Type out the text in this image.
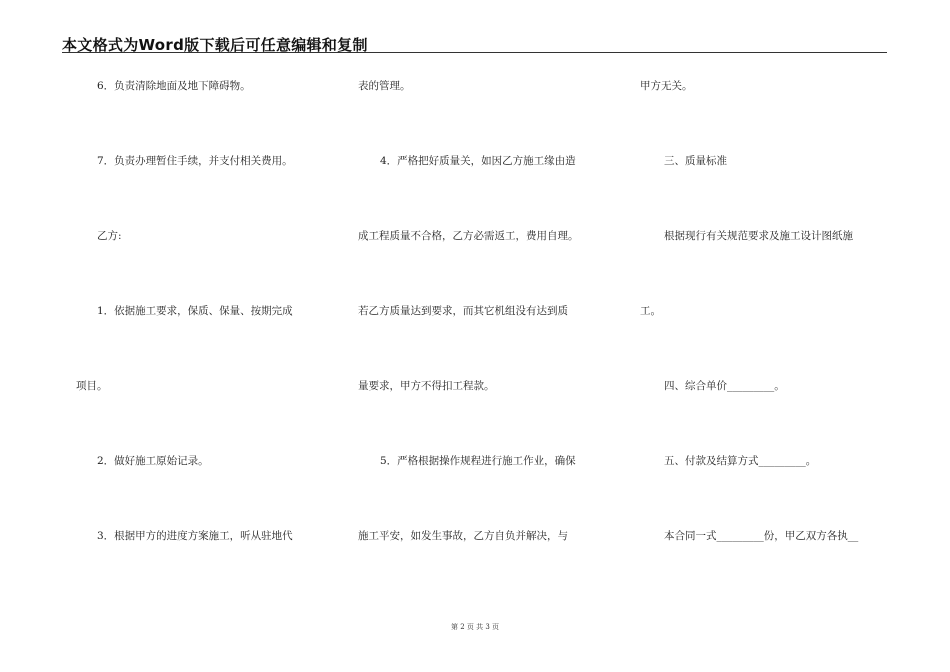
本文格式为Word版下载后可任意编辑和复制
6．负责清除地面及地下障碍物。
7．负责办理暂住手续，并支付相关费用。
乙方:
1．依据施工要求，保质、保量、按期完成
项目。
2．做好施工原始记录。
3．根据甲方的进度方案施工，听从驻地代
表的管理。
4．严格把好质量关，如因乙方施工缘由造
成工程质量不合格，乙方必需返工，费用自理。
若乙方质量达到要求，而其它机组没有达到质
量要求，甲方不得扣工程款。
5．严格根据操作规程进行施工作业，确保
施工平安，如发生事故，乙方自负并解决，与
甲方无关。
三、质量标准
根据现行有关规范要求及施工设计图纸施
工。
四、综合单价_________。
五、付款及结算方式_________。
本合同一式_________份，甲乙双方各执__
第 2 页 共 3 页
